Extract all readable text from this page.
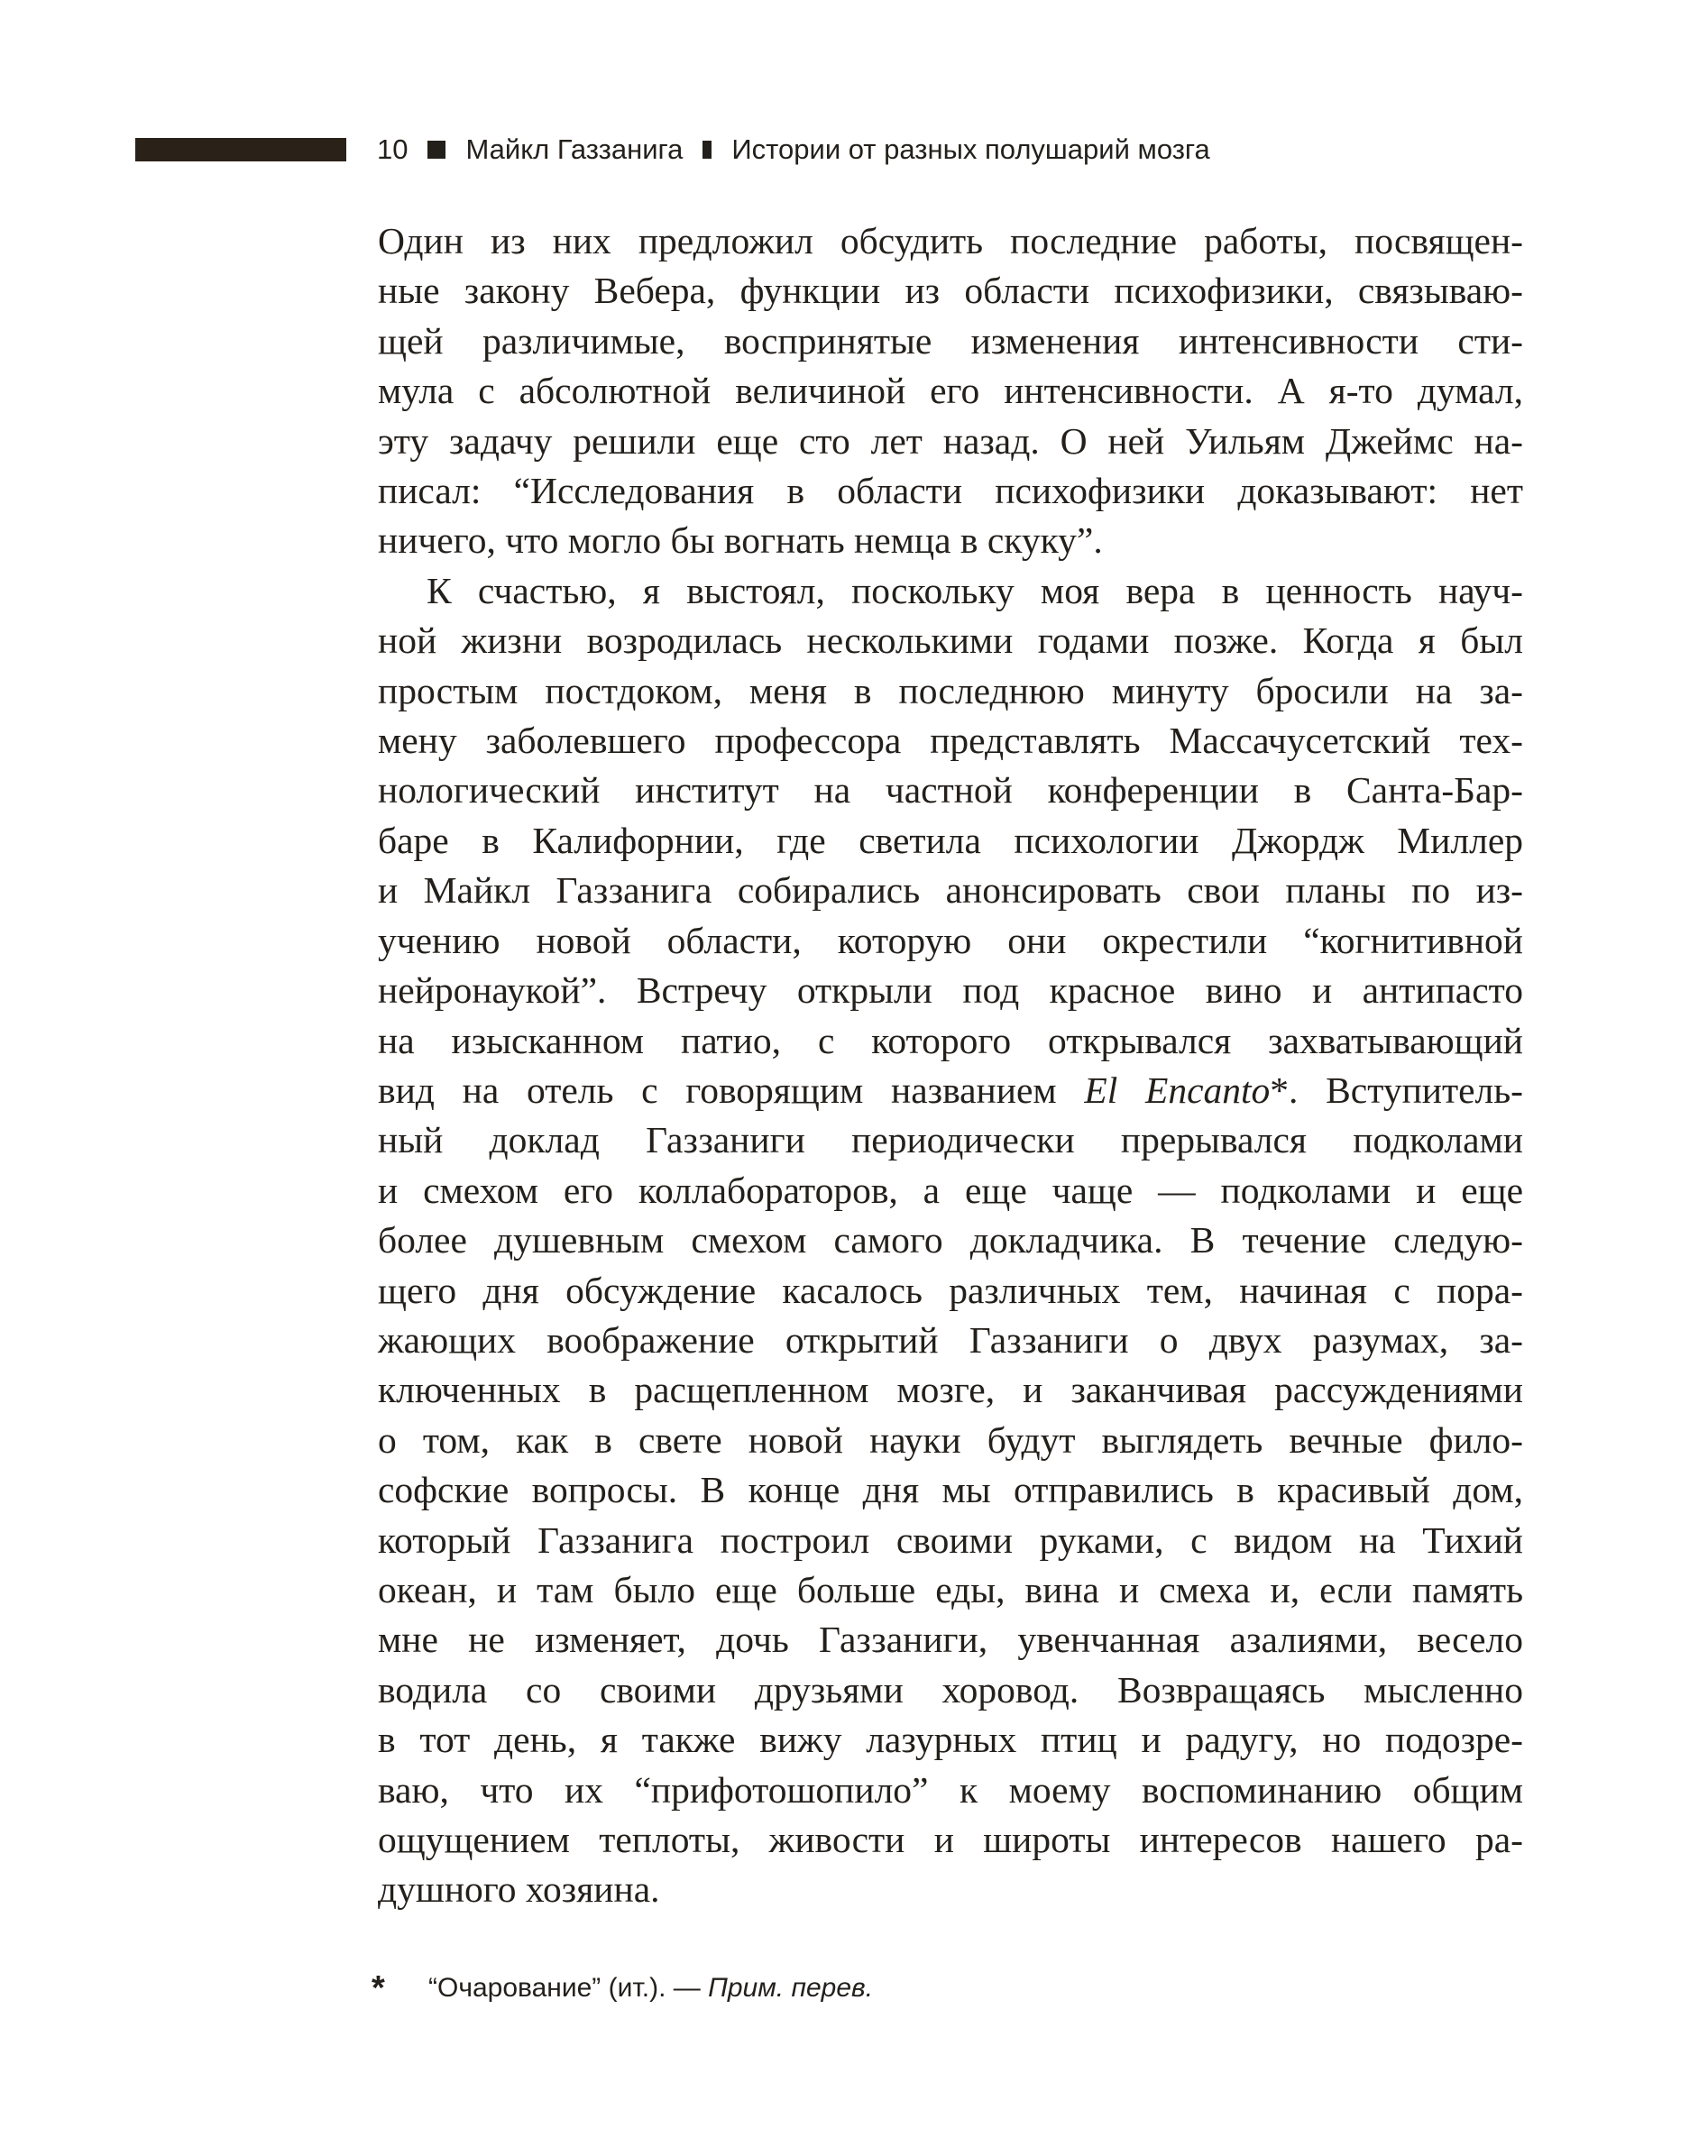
10 Майкл Газзанига Истории от разных полушарий мозга
Один из них предложил обсудить последние работы, посвящен-
ные закону Вебера, функции из области психофизики, связываю-
щей различимые, воспринятые изменения интенсивности сти-
мула с абсолютной величиной его интенсивности. А я-то думал,
эту задачу решили еще сто лет назад. О ней Уильям Джеймс на-
писал: “Исследования в области психофизики доказывают: нет
ничего, что могло бы вогнать немца в скуку”.
К счастью, я выстоял, поскольку моя вера в ценность науч-
ной жизни возродилась несколькими годами позже. Когда я был
простым постдоком, меня в последнюю минуту бросили на за-
мену заболевшего профессора представлять Массачусетский тех-
нологический институт на частной конференции в Санта-Бар-
баре в Калифорнии, где светила психологии Джордж Миллер
и Майкл Газзанига собирались анонсировать свои планы по из-
учению новой области, которую они окрестили “когнитивной
нейронаукой”. Встречу открыли под красное вино и антипасто
на изысканном патио, с которого открывался захватывающий
вид на отель с говорящим названием El Encanto*. Вступитель-
ный доклад Газзаниги периодически прерывался подколами
и смехом его коллабораторов, а еще чаще — подколами и еще
более душевным смехом самого докладчика. В течение следую-
щего дня обсуждение касалось различных тем, начиная с пора-
жающих воображение открытий Газзаниги о двух разумах, за-
ключенных в расщепленном мозге, и заканчивая рассуждениями
о том, как в свете новой науки будут выглядеть вечные фило-
софские вопросы. В конце дня мы отправились в красивый дом,
который Газзанига построил своими руками, с видом на Тихий
океан, и там было еще больше еды, вина и смеха и, если память
мне не изменяет, дочь Газзаниги, увенчанная азалиями, весело
водила со своими друзьями хоровод. Возвращаясь мысленно
в тот день, я также вижу лазурных птиц и радугу, но подозре-
ваю, что их “прифотошопило” к моему воспоминанию общим
ощущением теплоты, живости и широты интересов нашего ра-
душного хозяина.
* “Очарование” (ит.). — Прим. перев.
